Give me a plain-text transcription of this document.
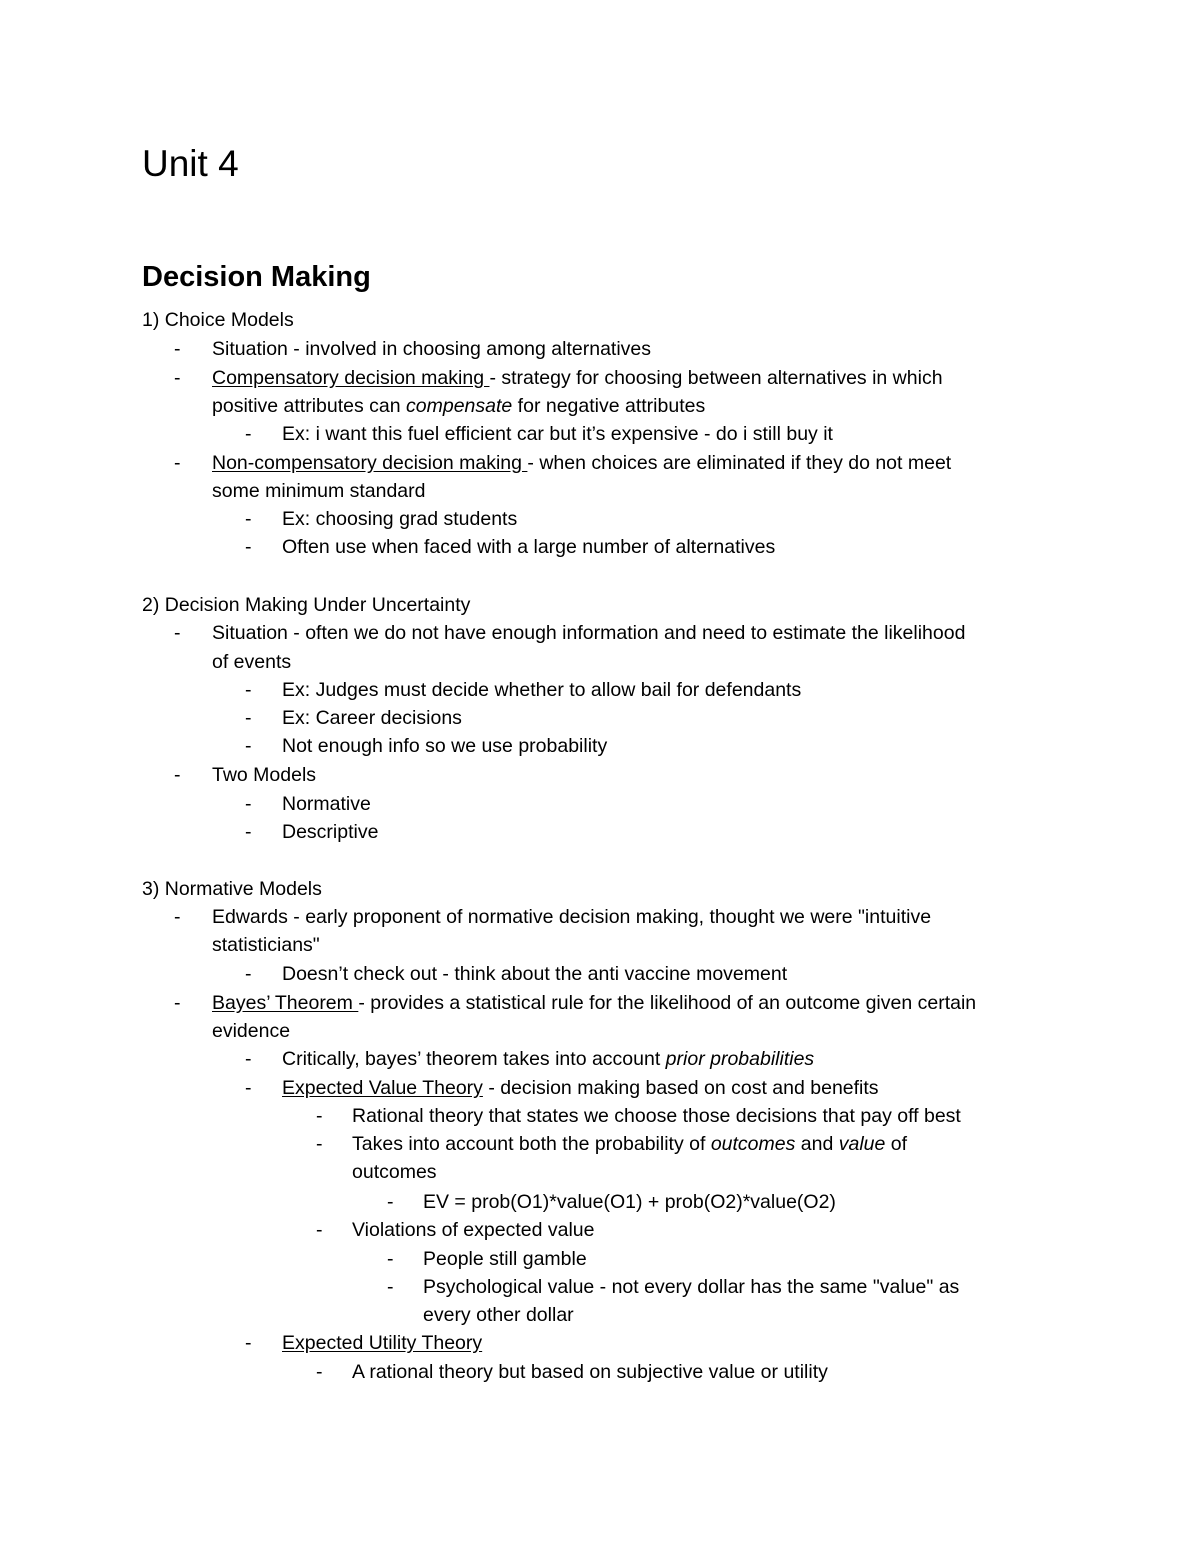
Unit 4
Decision Making
1) Choice Models
- Situation - involved in choosing among alternatives
- Compensatory decision making - strategy for choosing between alternatives in which
positive attributes can compensate for negative attributes
- Ex: i want this fuel efficient car but it’s expensive - do i still buy it
- Non-compensatory decision making - when choices are eliminated if they do not meet
some minimum standard
- Ex: choosing grad students
- Often use when faced with a large number of alternatives
2) Decision Making Under Uncertainty
- Situation - often we do not have enough information and need to estimate the likelihood
of events
- Ex: Judges must decide whether to allow bail for defendants
- Ex: Career decisions
- Not enough info so we use probability
- Two Models
- Normative
- Descriptive
3) Normative Models
- Edwards - early proponent of normative decision making, thought we were "intuitive
statisticians"
- Doesn’t check out - think about the anti vaccine movement
- Bayes’ Theorem - provides a statistical rule for the likelihood of an outcome given certain
evidence
- Critically, bayes’ theorem takes into account prior probabilities
- Expected Value Theory - decision making based on cost and benefits
- Rational theory that states we choose those decisions that pay off best
- Takes into account both the probability of outcomes and value of
outcomes
- EV = prob(O1)*value(O1) + prob(O2)*value(O2)
- Violations of expected value
- People still gamble
- Psychological value - not every dollar has the same "value" as
every other dollar
- Expected Utility Theory
- A rational theory but based on subjective value or utility
